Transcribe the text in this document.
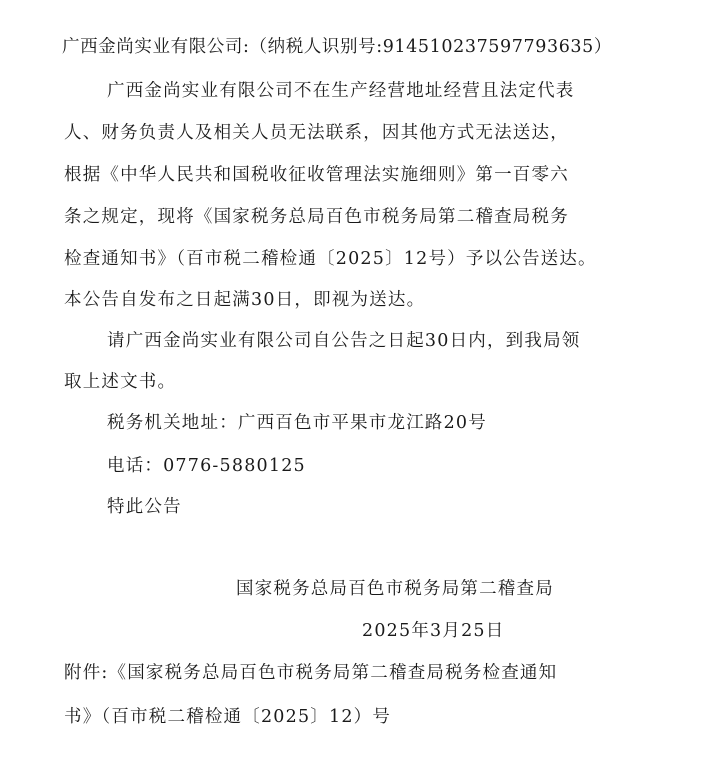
广西金尚实业有限公司:（纳税人识别号:914510237597793635）
广西金尚实业有限公司不在生产经营地址经营且法定代表
人、财务负责人及相关人员无法联系，因其他方式无法送达，
根据《中华人民共和国税收征收管理法实施细则》第一百零六
条之规定，现将《国家税务总局百色市税务局第二稽查局税务
检查通知书》（百市税二稽检通〔2025〕12号）予以公告送达。
本公告自发布之日起满30日，即视为送达。
请广西金尚实业有限公司自公告之日起30日内，到我局领
取上述文书。
税务机关地址：广西百色市平果市龙江路20号
电话：0776-5880125
特此公告
国家税务总局百色市税务局第二稽查局
2025年3月25日
附件:《国家税务总局百色市税务局第二稽查局税务检查通知
书》（百市税二稽检通〔2025〕12）号
